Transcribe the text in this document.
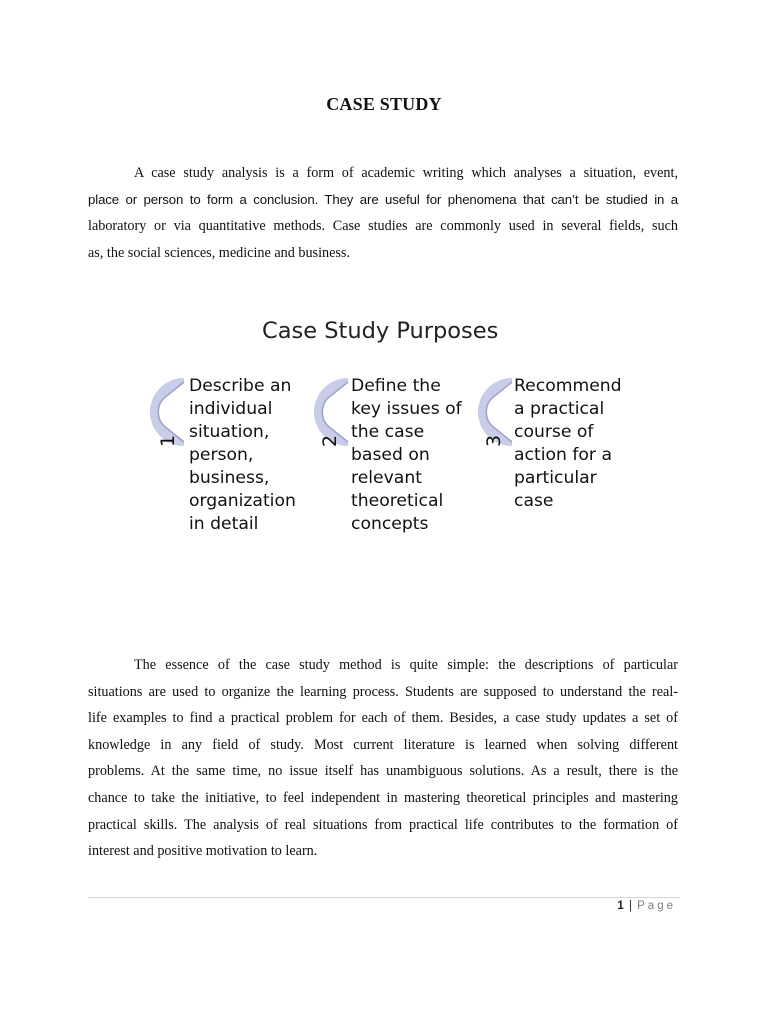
CASE STUDY
A case study analysis is a form of academic writing which analyses a situation, event,
place or person to form a conclusion. They are useful for phenomena that can’t be studied in a
laboratory or via quantitative methods. Case studies are commonly used in several fields, such
as, the social sciences, medicine and business.
Case Study Purposes
1
Describe an
individual
situation,
person,
business,
organization
in detail
2
Define the
key issues of
the case
based on
relevant
theoretical
concepts
3
Recommend
a practical
course of
action for a
particular
case
The essence of the case study method is quite simple: the descriptions of particular
situations are used to organize the learning process. Students are supposed to understand the real-
life examples to find a practical problem for each of them. Besides, a case study updates a set of
knowledge in any field of study. Most current literature is learned when solving different
problems. At the same time, no issue itself has unambiguous solutions. As a result, there is the
chance to take the initiative, to feel independent in mastering theoretical principles and mastering
practical skills. The analysis of real situations from practical life contributes to the formation of
interest and positive motivation to learn.
1 | Page
